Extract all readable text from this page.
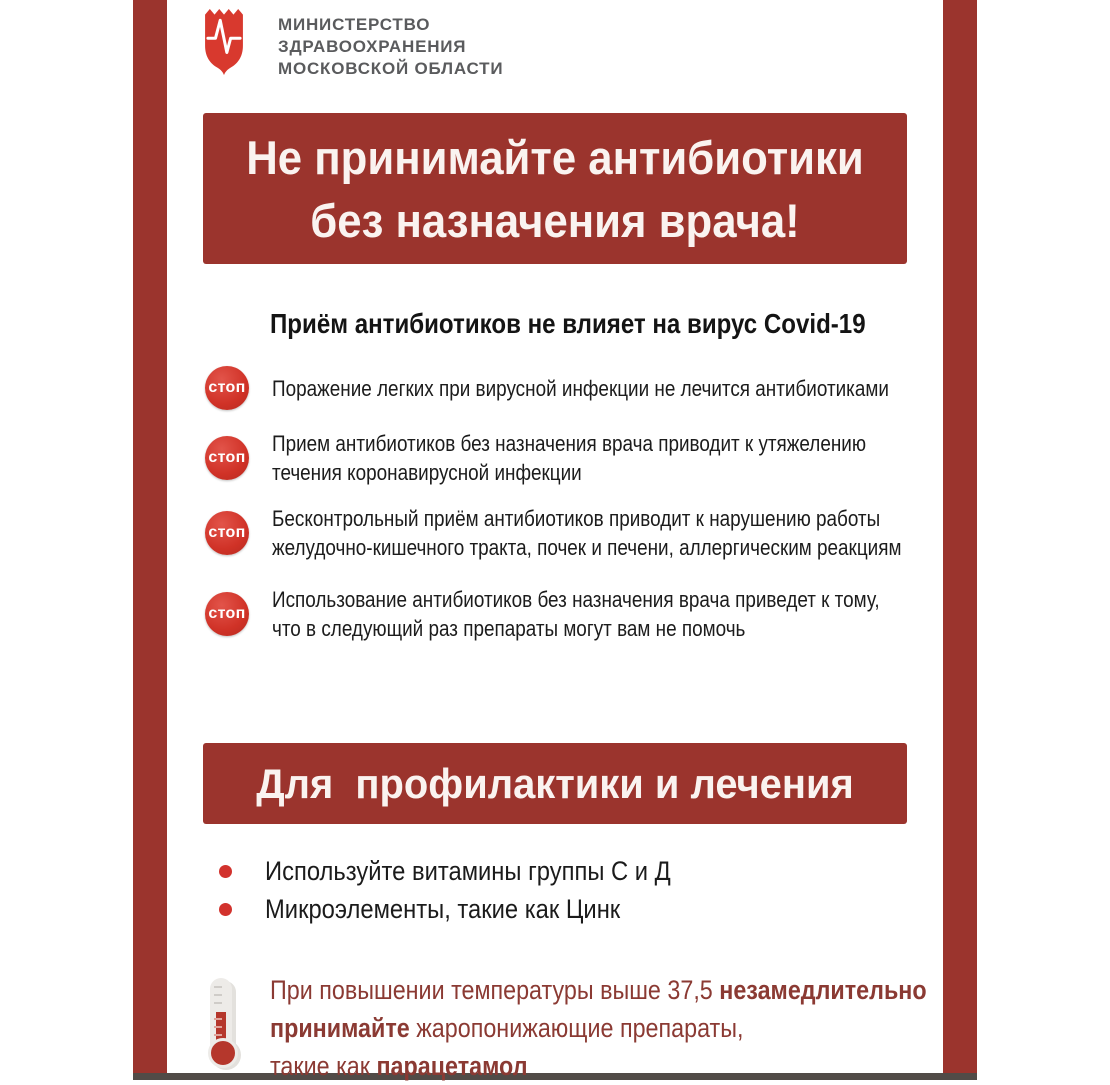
МИНИСТЕРСТВО
ЗДРАВООХРАНЕНИЯ
МОСКОВСКОЙ ОБЛАСТИ
Не принимайте антибиотики
без назначения врача!
Приём антибиотиков не влияет на вирус Covid-19
стоп Поражение легких при вирусной инфекции не лечится антибиотиками
стоп
Прием антибиотиков без назначения врача приводит к утяжелению
течения коронавирусной инфекции
стоп
Бесконтрольный приём антибиотиков приводит к нарушению работы
желудочно-кишечного тракта, почек и печени, аллергическим реакциям
стоп
Использование антибиотиков без назначения врача приведет к тому,
что в следующий раз препараты могут вам не помочь
Для  профилактики и лечения
Используйте витамины группы С и Д
Микроэлементы, такие как Цинк
При повышении температуры выше 37,5 незамедлительно
принимайте жаропонижающие препараты,
такие как парацетамол
